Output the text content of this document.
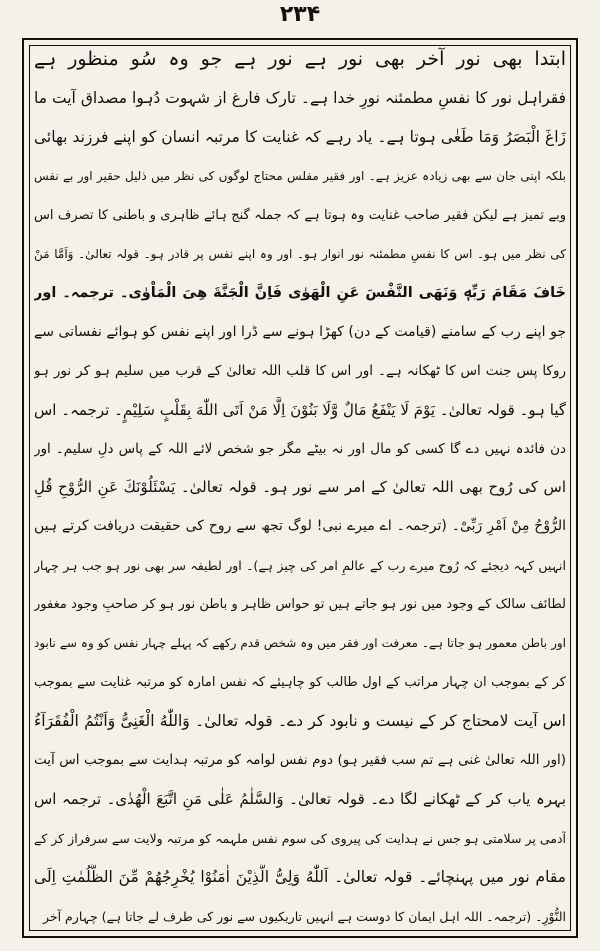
۲۳۴
ابتدا بھی نور آخر بھی نور ہے نور ہے جو وہ سُو منظور ہے
فقراہل نور کا نفسِ مطمئنہ نورِ خدا ہے۔ تارک فارغ از شہوت دُہوا مصداق آیت ما
زَاغَ الْبَصَرُ وَمَا طَغٰی ہوتا ہے۔ یاد رہے کہ غنایت کا مرتبہ انسان کو اپنے فرزند بھائی
بلکہ اپنی جان سے بھی زیادہ عزیز ہے۔ اور فقیر مفلس محتاج لوگوں کی نظر میں ذلیل حقیر اور بے نفس
وبے تمیز ہے لیکن فقیر صاحب غنایت وہ ہوتا ہے کہ جملہ گنج ہائے ظاہری و باطنی کا تصرف اس
کی نظر میں ہو۔ اس کا نفسِ مطمئنہ نور انوار ہو۔ اور وہ اپنے نفس پر قادر ہو۔ قولہ تعالیٰ۔ وَاَمَّا مَنْ
خَافَ مَقَامَ رَبِّهٖ وَنَهَى النَّفْسَ عَنِ الْهَوٰى فَاِنَّ الْجَنَّةَ هِىَ الْمَاْوٰى۔ ترجمہ۔ اور
جو اپنے رب کے سامنے (قیامت کے دن) کھڑا ہونے سے ڈرا اور اپنے نفس کو ہوائے نفسانی سے
روکا پس جنت اس کا ٹھکانہ ہے۔ اور اس کا قلب اللہ تعالیٰ کے قرب میں سلیم ہو کر نور ہو
گیا ہو۔ قولہ تعالیٰ۔ يَوْمَ لَا يَنْفَعُ مَالٌ وَّلَا بَنُوْنَ اِلَّا مَنْ اَتَى اللّٰهَ بِقَلْبٍ سَلِيْمٍ۔ ترجمہ۔ اس
دن فائدہ نہیں دے گا کسی کو مال اور نہ بیٹے مگر جو شخص لائے اللہ کے پاس دلِ سلیم۔ اور
اس کی رُوح بھی اللہ تعالیٰ کے امر سے نور ہو۔ قولہ تعالیٰ۔ يَسْئَلُوْنَكَ عَنِ الرُّوْحِ قُلِ
الرُّوْحُ مِنْ اَمْرِ رَبِّیْ۔ (ترجمہ۔ اے میرے نبی! لوگ تجھ سے روح کی حقیقت دریافت کرتے ہیں
انہیں کہہ دیجئے کہ رُوح میرے رب کے عالمِ امر کی چیز ہے)۔ اور لطیفہ سر بھی نور ہو جب ہر چہار
لطائف سالک کے وجود میں نور ہو جاتے ہیں تو حواس ظاہر و باطن نور ہو کر صاحبِ وجود مغفور
اور باطن معمور ہو جاتا ہے۔ معرفت اور فقر میں وہ شخص قدم رکھے کہ پہلے چہار نفس کو وہ سے نابود
کر کے بموجب ان چہار مراتب کے اول طالب کو چاہیئے کہ نفس امارہ کو مرتبہ غنایت سے بموجب
اس آیت لامحتاج کر کے نیست و نابود کر دے۔ قولہ تعالیٰ۔ وَاللّٰهُ الْغَنِىُّ وَاَنْتُمُ الْفُقَرَآءُ
(اور اللہ تعالیٰ غنی ہے تم سب فقیر ہو) دوم نفس لوامہ کو مرتبہ ہدایت سے بموجب اس آیت
بہرہ یاب کر کے ٹھکانے لگا دے۔ قولہ تعالیٰ۔ وَالسَّلٰمُ عَلٰى مَنِ اتَّبَعَ الْهُدٰى۔ ترجمہ اس
آدمی پر سلامتی ہو جس نے ہدایت کی پیروی کی سوم نفس ملہمہ کو مرتبہ ولایت سے سرفراز کر کے
مقام نور میں پہنچائے۔ قولہ تعالیٰ۔ اَللّٰهُ وَلِىُّ الَّذِيْنَ اٰمَنُوْا يُخْرِجُهُمْ مِّنَ الظُّلُمٰتِ اِلَى
النُّوْرِ۔ (ترجمہ۔ اللہ اہل ایمان کا دوست ہے انہیں تاریکیوں سے نور کی طرف لے جاتا ہے) چہارم آخر
